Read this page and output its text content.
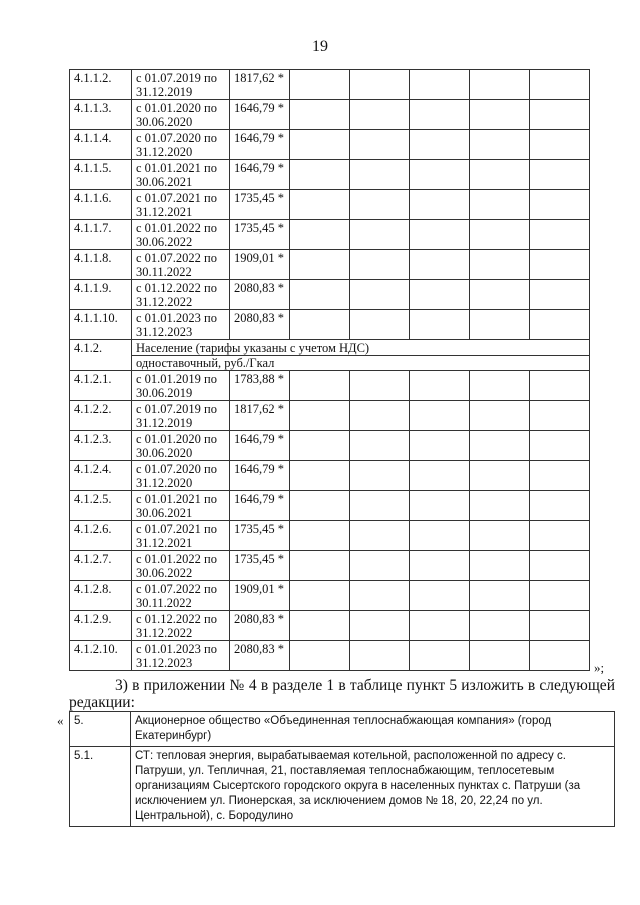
19
4.1.1.2.	с 01.07.2019 по 31.12.2019	1817,62 *					
4.1.1.3.	с 01.01.2020 по 30.06.2020	1646,79 *					
4.1.1.4.	с 01.07.2020 по 31.12.2020	1646,79 *					
4.1.1.5.	с 01.01.2021 по 30.06.2021	1646,79 *					
4.1.1.6.	с 01.07.2021 по 31.12.2021	1735,45 *					
4.1.1.7.	с 01.01.2022 по 30.06.2022	1735,45 *					
4.1.1.8.	с 01.07.2022 по 30.11.2022	1909,01 *					
4.1.1.9.	с 01.12.2022 по 31.12.2022	2080,83 *					
4.1.1.10.	с 01.01.2023 по 31.12.2023	2080,83 *					
4.1.2.	Население (тарифы указаны с учетом НДС)
одноставочный, руб./Гкал						

4.1.2.1.	с 01.01.2019 по 30.06.2019	1783,88 *					
4.1.2.2.	с 01.07.2019 по 31.12.2019	1817,62 *					
4.1.2.3.	с 01.01.2020 по 30.06.2020	1646,79 *					
4.1.2.4.	с 01.07.2020 по 31.12.2020	1646,79 *					
4.1.2.5.	с 01.01.2021 по 30.06.2021	1646,79 *					
4.1.2.6.	с 01.07.2021 по 31.12.2021	1735,45 *					
4.1.2.7.	с 01.01.2022 по 30.06.2022	1735,45 *					
4.1.2.8.	с 01.07.2022 по 30.11.2022	1909,01 *					
4.1.2.9.	с 01.12.2022 по 31.12.2022	2080,83 *					
4.1.2.10.	с 01.01.2023 по 31.12.2023	2080,83 *					
»;
3) в приложении № 4 в разделе 1 в таблице пункт 5 изложить в следующей редакции:
« 5.	Акционерное общество «Объединенная теплоснабжающая компания» (город Екатеринбург)
5.1.	СТ: тепловая энергия, вырабатываемая котельной, расположенной по адресу с. Патруши, ул. Тепличная, 21, поставляемая теплоснабжающим, теплосетевым организациям Сысертского городского округа в населенных пунктах с. Патруши (за исключением ул. Пионерская, за исключением домов № 18, 20, 22,24 по ул. Центральной), с. Бородулино
